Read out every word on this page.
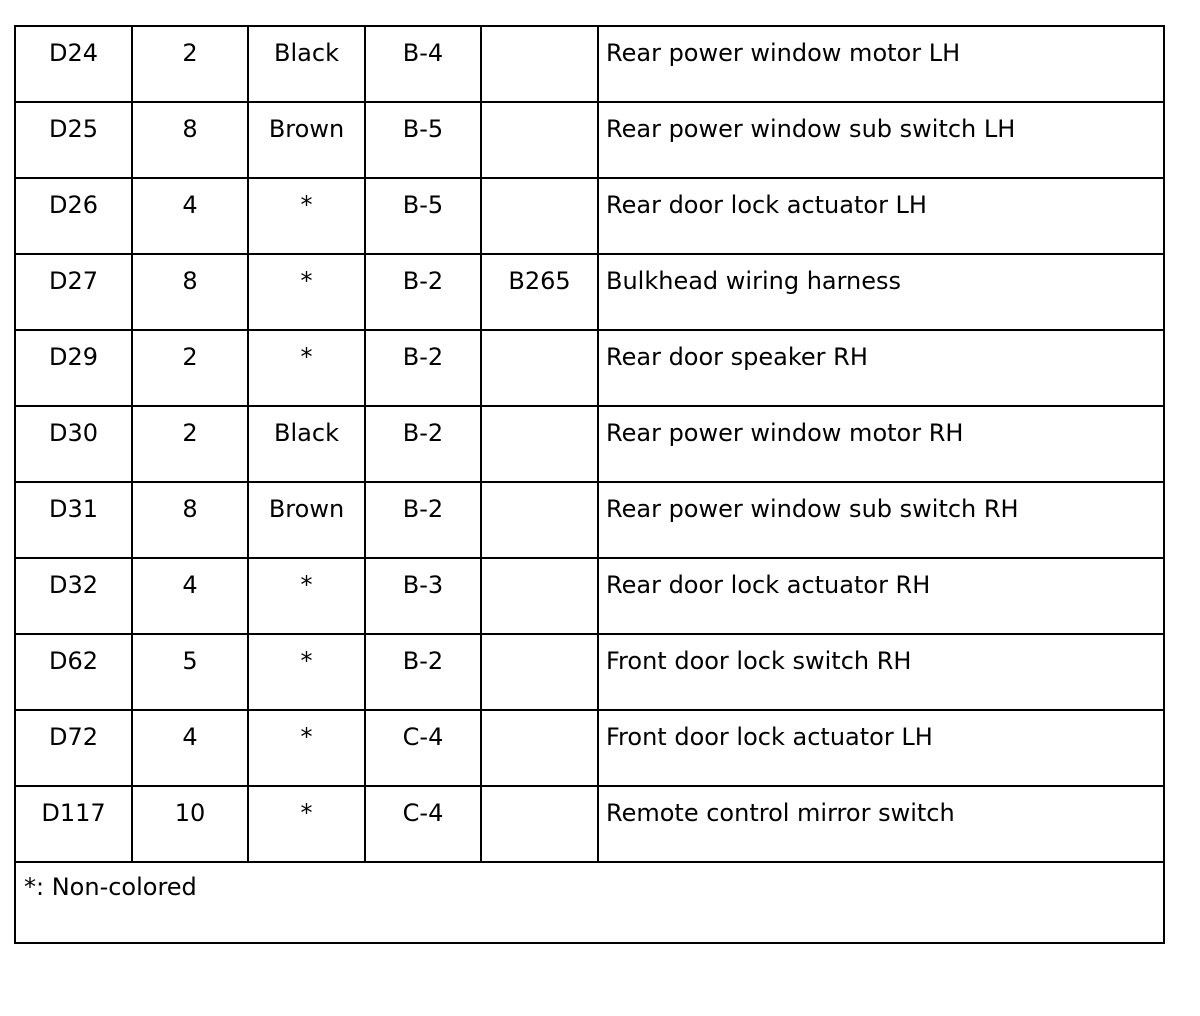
D24	2	Black	B-4		Rear power window motor LH

D25	8	Brown	B-5		Rear power window sub switch LH

D26	4	*	B-5		Rear door lock actuator LH

D27	8	*	B-2	B265	Bulkhead wiring harness

D29	2	*	B-2		Rear door speaker RH

D30	2	Black	B-2		Rear power window motor RH

D31	8	Brown	B-2		Rear power window sub switch RH

D32	4	*	B-3		Rear door lock actuator RH

D62	5	*	B-2		Front door lock switch RH

D72	4	*	C-4		Front door lock actuator LH

D117	10	*	C-4		Remote control mirror switch

*: Non-colored					
